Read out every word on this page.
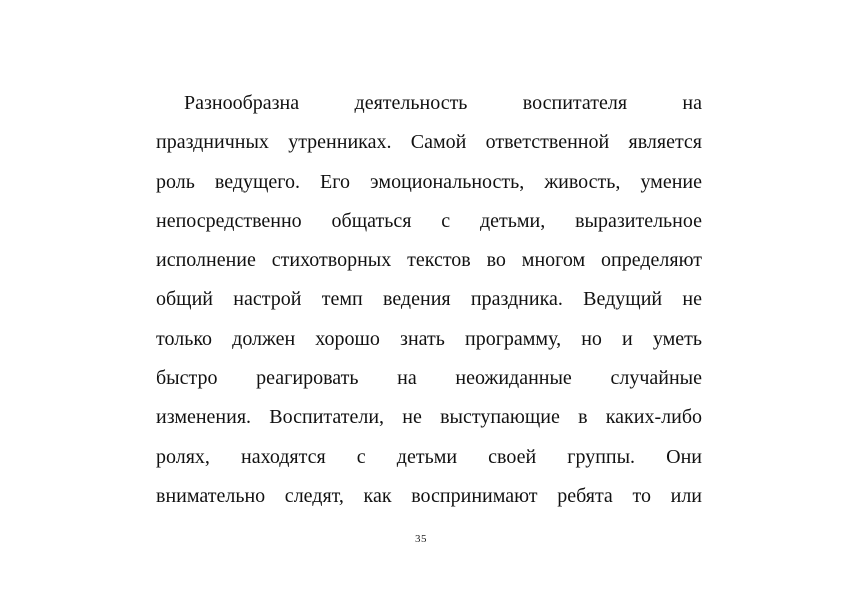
Разнообразна деятельность воспитателя на
праздничных утренниках. Самой ответственной является
роль ведущего. Его эмоциональность, живость, умение
непосредственно общаться с детьми, выразительное
исполнение стихотворных текстов во многом определяют
общий настрой темп ведения праздника. Ведущий не
только должен хорошо знать программу, но и уметь
быстро реагировать на неожиданные случайные
изменения. Воспитатели, не выступающие в каких-либо
ролях, находятся с детьми своей группы. Они
внимательно следят, как воспринимают ребята то или
35
